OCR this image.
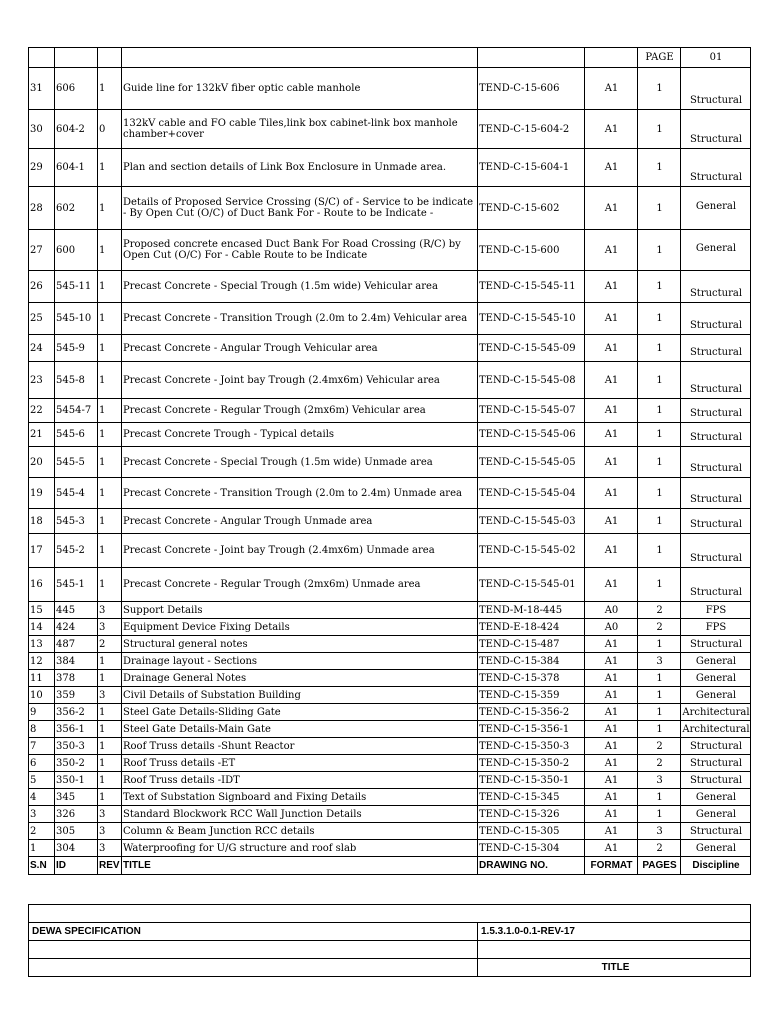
						PAGE	01
31	606	1	Guide line for 132kV fiber optic cable manhole	TEND-C-15-606	A1	1	Structural
30	604-2	0	132kV cable and FO cable Tiles,link box cabinet-link box manhole chamber+cover	TEND-C-15-604-2	A1	1	Structural
29	604-1	1	Plan and section details of Link Box Enclosure in Unmade area.	TEND-C-15-604-1	A1	1	Structural
28	602	1	Details of Proposed Service Crossing (S/C) of - Service to be indicate - By Open Cut (O/C) of Duct Bank For - Route to be Indicate -	TEND-C-15-602	A1	1	General
27	600	1	Proposed concrete encased Duct Bank For Road Crossing (R/C) by Open Cut (O/C) For - Cable Route to be Indicate	TEND-C-15-600	A1	1	General
26	545-11	1	Precast Concrete - Special Trough (1.5m wide) Vehicular area	TEND-C-15-545-11	A1	1	Structural
25	545-10	1	Precast Concrete - Transition Trough (2.0m to 2.4m) Vehicular area	TEND-C-15-545-10	A1	1	Structural
24	545-9	1	Precast Concrete - Angular Trough Vehicular area	TEND-C-15-545-09	A1	1	Structural
23	545-8	1	Precast Concrete - Joint bay Trough (2.4mx6m) Vehicular area	TEND-C-15-545-08	A1	1	Structural
22	5454-7	1	Precast Concrete - Regular Trough (2mx6m) Vehicular area	TEND-C-15-545-07	A1	1	Structural
21	545-6	1	Precast Concrete Trough - Typical details	TEND-C-15-545-06	A1	1	Structural
20	545-5	1	Precast Concrete - Special Trough (1.5m wide) Unmade area	TEND-C-15-545-05	A1	1	Structural
19	545-4	1	Precast Concrete - Transition Trough (2.0m to 2.4m) Unmade area	TEND-C-15-545-04	A1	1	Structural
18	545-3	1	Precast Concrete - Angular Trough Unmade area	TEND-C-15-545-03	A1	1	Structural
17	545-2	1	Precast Concrete - Joint bay Trough (2.4mx6m) Unmade area	TEND-C-15-545-02	A1	1	Structural
16	545-1	1	Precast Concrete - Regular Trough (2mx6m) Unmade area	TEND-C-15-545-01	A1	1	Structural
15	445	3	Support Details	TEND-M-18-445	A0	2	FPS
14	424	3	Equipment Device Fixing Details	TEND-E-18-424	A0	2	FPS
13	487	2	Structural general notes	TEND-C-15-487	A1	1	Structural
12	384	1	Drainage layout - Sections	TEND-C-15-384	A1	3	General
11	378	1	Drainage General Notes	TEND-C-15-378	A1	1	General
10	359	3	Civil Details of Substation Building	TEND-C-15-359	A1	1	General
9	356-2	1	Steel Gate Details-Sliding Gate	TEND-C-15-356-2	A1	1	Architectural
8	356-1	1	Steel Gate Details-Main Gate	TEND-C-15-356-1	A1	1	Architectural
7	350-3	1	Roof Truss details -Shunt Reactor	TEND-C-15-350-3	A1	2	Structural
6	350-2	1	Roof Truss details -ET	TEND-C-15-350-2	A1	2	Structural
5	350-1	1	Roof Truss details -IDT	TEND-C-15-350-1	A1	3	Structural
4	345	1	Text of Substation Signboard and Fixing Details	TEND-C-15-345	A1	1	General
3	326	3	Standard Blockwork RCC Wall Junction Details	TEND-C-15-326	A1	1	General
2	305	3	Column & Beam Junction RCC details	TEND-C-15-305	A1	3	Structural
1	304	3	Waterproofing for U/G structure and roof slab	TEND-C-15-304	A1	2	General
S.N	ID	REV	TITLE	DRAWING NO.	FORMAT	PAGES	Discipline

DEWA SPECIFICATION	1.5.3.1.0-0.1-REV-17

	TITLE
